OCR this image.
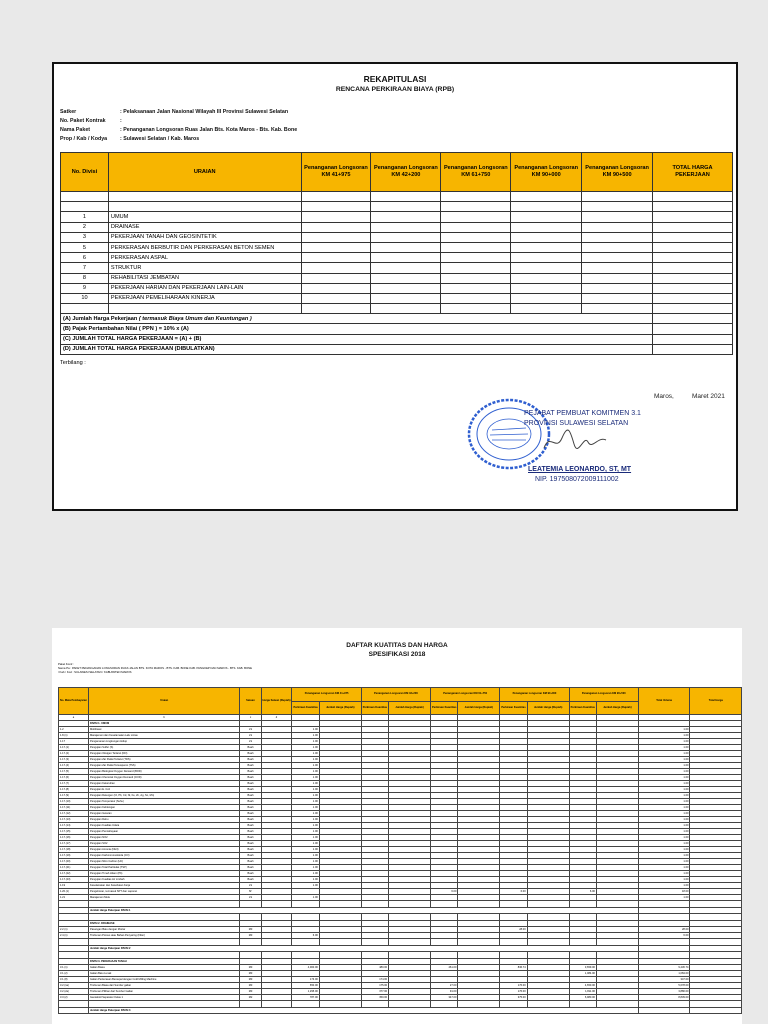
REKAPITULASI
RENCANA PERKIRAAN BIAYA (RPB)
Satker	: Pelaksanaan Jalan Nasional Wilayah III Provinsi Sulawesi Selatan
No. Paket Kontrak	:
Nama Paket	: Penanganan Longsoran Ruas Jalan Bts. Kota Maros - Bts. Kab. Bone
Prop / Kab / Kodya : Sulawesi Selatan / Kab. Maros
No. Divisi	URAIAN	Penanganan Longsoran KM 41+975	Penanganan Longsoran KM 42+200	Penanganan Longsoran KM 61+750	Penanganan Longsoran KM 90+000	Penanganan Longsoran KM 90+500	TOTAL HARGA PEKERJAAN

1	UMUM						
2	DRAINASE						
3	PEKERJAAN TANAH DAN GEOSINTETIK						
5	PERKERASAN BERBUTIR DAN PERKERASAN BETON SEMEN						
6	PERKERASAN ASPAL						
7	STRUKTUR						
8	REHABILITASI JEMBATAN						
9	PEKERJAAN HARIAN DAN PEKERJAAN LAIN-LAIN						
10	PEKERJAAN PEMELIHARAAN KINERJA						

(A) Jumlah Harga Pekerjaan ( termasuk Biaya Umum dan Keuntungan )							
(B) Pajak Pertambahan Nilai ( PPN ) = 10% x (A)							
(C) JUMLAH TOTAL HARGA PEKERJAAN = (A) + (B)							
(D) JUMLAH TOTAL HARGA PEKERJAAN (DIBULATKAN)							
Terbilang :
Maros,	Maret 2021
PEJABAT PEMBUAT KOMITMEN 3.1
PROVINSI SULAWESI SELATAN
LEATEMIA LEONARDO, ST, MT
NIP. 197508072009111002
DAFTAR KUATITAS DAN HARGA
SPESIFIKASI 2018
Paket Kontr :
Nama Pa : PAKET PENANGANAN LONGSORAN RUAS JALAN BTS. KOTA MAROS - BTS. KAB. BONE KAB. PANGKEP DAN MAROS - BTS. KAB. BONE
/ Kab / Kod : SULAWESI SELATAN / KABUPATEN MAROS
No. Mata Pembayaran	Uraian	Satuan	Harga Satuan (Rupiah)	Penanganan Longsoran KM 41+975		Penanganan Longsoran KM 42+200		Penanganan Longsoran KM 61+750		Penanganan Longsoran KM 90+000		Penanganan Longsoran KM 90+500		Total Volume	Total Harga
				Perkiraan Kuantitas	Jumlah Harga (Rupiah)	Perkiraan Kuantitas	Jumlah Harga (Rupiah)	Perkiraan Kuantitas	Jumlah Harga (Rupiah)	Perkiraan Kuantitas	Jumlah Harga (Rupiah)	Perkiraan Kuantitas	Jumlah Harga (Rupiah)		
a	b	c	d												
	DIVISI 1. UMUM														
1.2	Mobilisasi	LS		1.00										1.00	
1.8.(1)	Manajemen dan Keselamatan Lalu Lintas	LS		1.00										1.00	
1.17	Pengamanan Lingkungan Hidup	LS		1.00										1.00	
1.17.(1)	Pengujian Sulfur (S)	Buah		1.00										1.00	
1.17.(2)	Pengujian Oksigen Terlarut (DO)	Buah		1.00										1.00	
1.17.(3)	Pengujian Zat Padat Terlarut (TDS)	Buah		1.00										1.00	
1.17.(4)	Pengujian Zat Padat Tersuspensi (TSS)	Buah		1.00										1.00	
1.17.(5)	Pengujian Biological Oxygen Demand (BOD)	Buah		1.00										1.00	
1.17.(6)	Pengujian Chemical Oxygen Demand (COD)	Buah		1.00										1.00	
1.17.(7)	Pengujian Kekeruhan	Buah		1.00										1.00	
1.17.(8)	Pengujian E. Coli	Buah		1.00										1.00	
1.17.(9)	Pengujian Detergen (Cl, Pb, Cd, Ni, Fe, Zn, Ag, Sn, Mn)	Buah		1.00										1.00	
1.17.(10)	Pengujian Temperatur (Suhu)	Buah		1.00										1.00	
1.17.(11)	Pengujian Kebisingan	Buah		1.00										1.00	
1.17.(12)	Pengujian Getaran	Buah		1.00										1.00	
1.17.(13)	Pengujian Debu	Buah		1.00										1.00	
1.17.(14)	Pengujian Kualitas Udara	Buah		1.00										1.00	
1.17.(15)	Pengujian Pencahayaan	Buah		1.00										1.00	
1.17.(16)	Pengujian NO2	Buah		1.00										1.00	
1.17.(17)	Pengujian SO2	Buah		1.00										1.00	
1.17.(18)	Pengujian Amonia (NH3)	Buah		1.00										1.00	
1.17.(19)	Pengujian Karbonmonoksida (CO)	Buah		1.00										1.00	
1.17.(20)	Pengujian Nitro Carbon (HC)	Buah		1.00										1.00	
1.17.(21)	Pengujian Total Partikulat (TSP)	Buah		1.00										1.00	
1.17.(22)	Pengujian Timah Hitam (Pb)	Buah		1.00										1.00	
1.17.(23)	Pengujian Kualitas Air Limbah	Buah		1.00										1.00	
1.19	Keselamatan dan Kesehatan Kerja	LS		1.00										1.00	
1.20.(1)	Pengeboran, termasuk SPT dan Laporan	M'						6.00		6.00		6.00		18.00	
1.21	Manajemen Mutu	LS		1.00										1.00	

	Jumlah Harga Pekerjaan DIVISI 1														

	DIVISI 2. DRAINASE														
2.2.(1)	Pasangan Batu dengan Mortar	M3								28.00				28.00	
2.4.(1)	Timbunan Porous atau Bahan Penyaring (Filter)	M3		6.00										6.00	

	Jumlah Harga Pekerjaan DIVISI 2														

	DIVISI 3. PEKERJAAN TANAH														
3.1.(1)	Galian Biasa	M3		4,000.00		480.00		461.00		836.74		3,659.00		9,436.74	
3.1.(2)	Galian Batu Lunak	M3										1,084.00		1,084.00	
3.1.(8)	Galian Perkerasan Beraspal dengan Cold Milling Machine	M3		173.00		174.00								347.00	
3.2.(1a)	Timbunan Biasa dari Sumber galian	M3		650.00		175.00		27.00		176.00		4,650.00		5,678.00	
3.2.(2a)	Timbunan Pilihan dari Sumber Galian	M3		1,295.00		377.00		91.00		176.00		1,811.00		3,880.00	
3.3.(2)	Geotekstil Separator Kelas 1	M2		787.00		350.00		347.00		375.00		6,980.00		8,839.00	

	Jumlah Harga Pekerjaan DIVISI 3														
